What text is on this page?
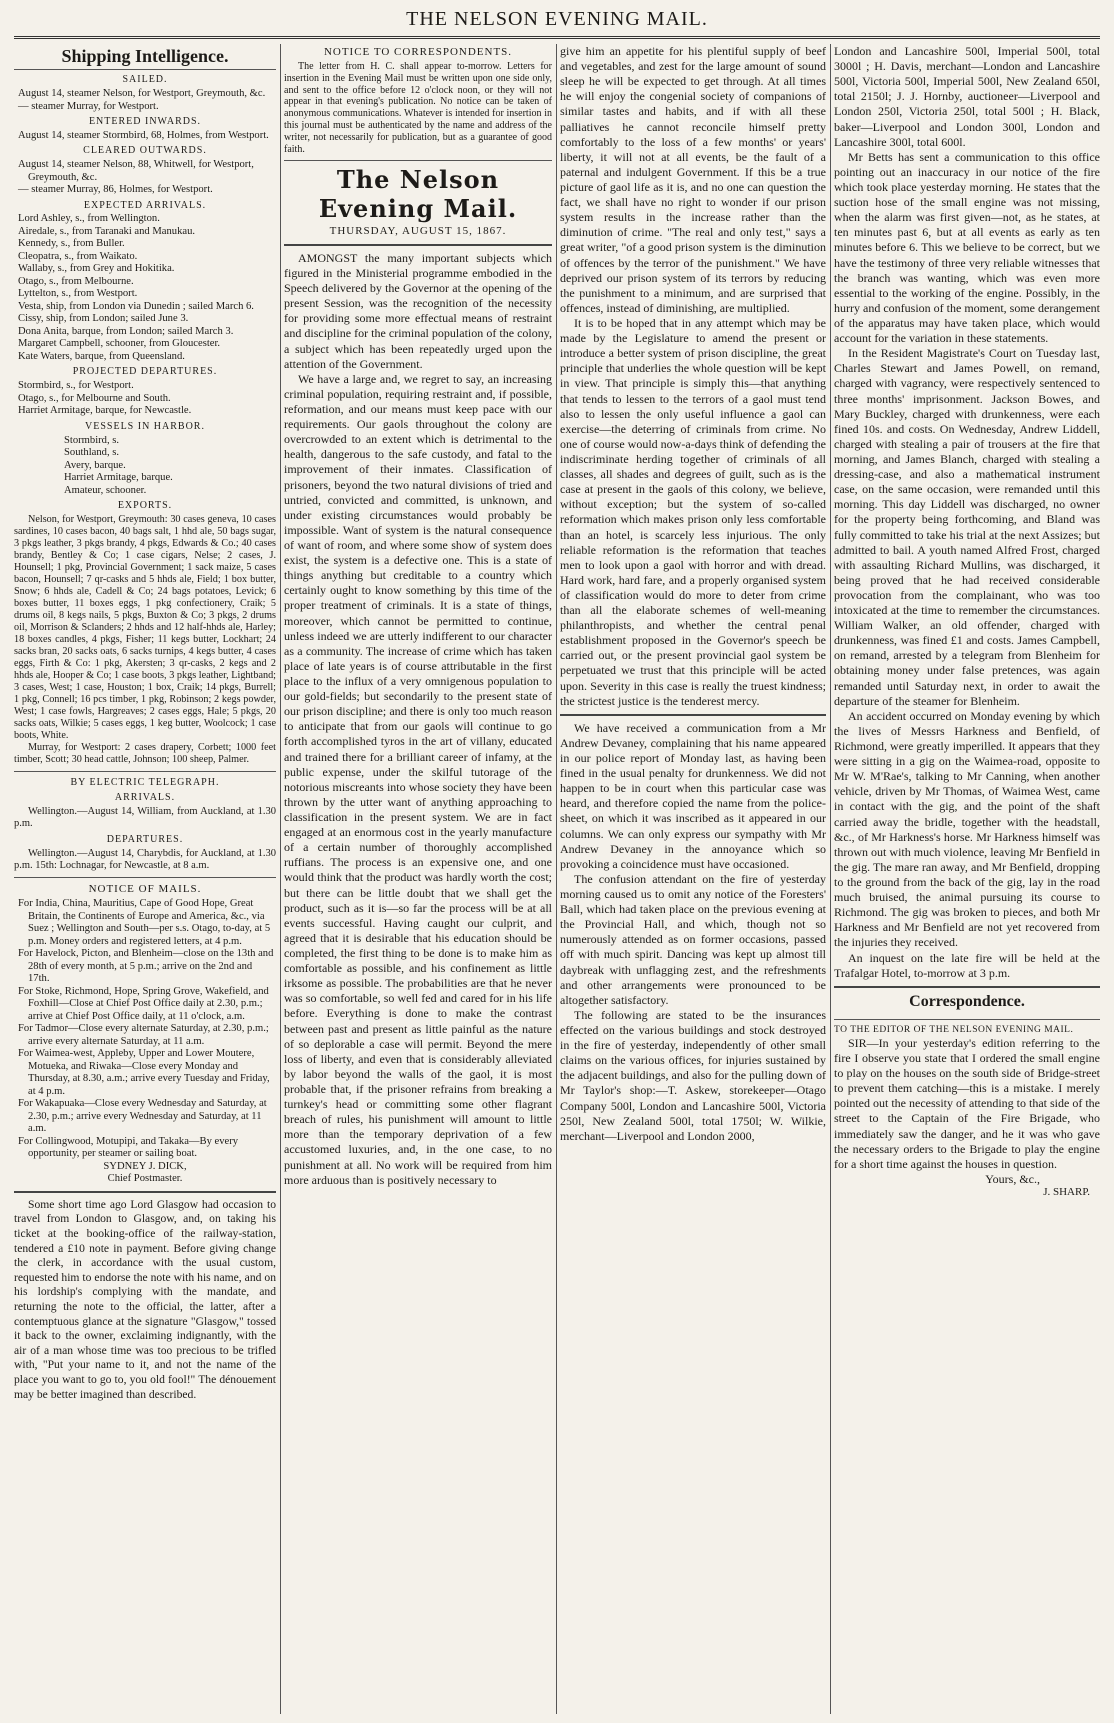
THE NELSON EVENING MAIL.
Shipping Intelligence.
SAILED.

August 14, steamer Nelson, for Westport, Greymouth, &c.

— steamer Murray, for Westport.

ENTERED INWARDS.

August 14, steamer Stormbird, 68, Holmes, from Westport.

CLEARED OUTWARDS.

August 14, steamer Nelson, 88, Whitwell, for Westport, Greymouth, &c.

— steamer Murray, 86, Holmes, for Westport.

EXPECTED ARRIVALS.

Lord Ashley, s., from Wellington.

Airedale, s., from Taranaki and Manukau.

Kennedy, s., from Buller.

Cleopatra, s., from Waikato.

Wallaby, s., from Grey and Hokitika.

Otago, s., from Melbourne.

Lyttelton, s., from Westport.

Vesta, ship, from London via Dunedin ; sailed March 6.

Cissy, ship, from London; sailed June 3.

Dona Anita, barque, from London; sailed March 3.

Margaret Campbell, schooner, from Gloucester.

Kate Waters, barque, from Queensland.

PROJECTED DEPARTURES.

Stormbird, s., for Westport.

Otago, s., for Melbourne and South.

Harriet Armitage, barque, for Newcastle.

VESSELS IN HARBOR.

Stormbird, s.

Southland, s.

Avery, barque.

Harriet Armitage, barque.

Amateur, schooner.

EXPORTS.

Nelson, for Westport, Greymouth: 30 cases geneva, 10 cases sardines, 10 cases bacon, 40 bags salt, 1 hhd ale, 50 bags sugar, 3 pkgs leather, 3 pkgs brandy, 4 pkgs, Edwards & Co.; 40 cases brandy, Bentley & Co; 1 case cigars, Nelse; 2 cases, J. Hounsell; 1 pkg, Provincial Government; 1 sack maize, 5 cases bacon, Hounsell; 7 qr-casks and 5 hhds ale, Field; 1 box butter, Snow; 6 hhds ale, Cadell & Co; 24 bags potatoes, Levick; 6 boxes butter, 11 boxes eggs, 1 pkg confectionery, Craik; 5 drums oil, 8 kegs nails, 5 pkgs, Buxton & Co; 3 pkgs, 2 drums oil, Morrison & Sclanders; 2 hhds and 12 half-hhds ale, Harley; 18 boxes candles, 4 pkgs, Fisher; 11 kegs butter, Lockhart; 24 sacks bran, 20 sacks oats, 6 sacks turnips, 4 kegs butter, 4 cases eggs, Firth & Co: 1 pkg, Akersten; 3 qr-casks, 2 kegs and 2 hhds ale, Hooper & Co; 1 case boots, 3 pkgs leather, Lightband; 3 cases, West; 1 case, Houston; 1 box, Craik; 14 pkgs, Burrell; 1 pkg, Connell; 16 pcs timber, 1 pkg, Robinson; 2 kegs powder, West; 1 case fowls, Hargreaves; 2 cases eggs, Hale; 5 pkgs, 20 sacks oats, Wilkie; 5 cases eggs, 1 keg butter, Woolcock; 1 case boots, White.

Murray, for Westport: 2 cases drapery, Corbett; 1000 feet timber, Scott; 30 head cattle, Johnson; 100 sheep, Palmer.

BY ELECTRIC TELEGRAPH.
ARRIVALS.

Wellington.—August 14, William, from Auckland, at 1.30 p.m.

DEPARTURES.

Wellington.—August 14, Charybdis, for Auckland, at 1.30 p.m. 15th: Lochnagar, for Newcastle, at 8 a.m.

NOTICE OF MAILS.

For India, China, Mauritius, Cape of Good Hope, Great Britain, the Continents of Europe and America, &c., via Suez ; Wellington and South—per s.s. Otago, to-day, at 5 p.m. Money orders and registered letters, at 4 p.m.

For Havelock, Picton, and Blenheim—close on the 13th and 28th of every month, at 5 p.m.; arrive on the 2nd and 17th.

For Stoke, Richmond, Hope, Spring Grove, Wakefield, and Foxhill—Close at Chief Post Office daily at 2.30, p.m.; arrive at Chief Post Office daily, at 11 o'clock, a.m.

For Tadmor—Close every alternate Saturday, at 2.30, p.m.; arrive every alternate Saturday, at 11 a.m.

For Waimea-west, Appleby, Upper and Lower Moutere, Motueka, and Riwaka—Close every Monday and Thursday, at 8.30, a.m.; arrive every Tuesday and Friday, at 4 p.m.

For Wakapuaka—Close every Wednesday and Saturday, at 2.30, p.m.; arrive every Wednesday and Saturday, at 11 a.m.

For Collingwood, Motupipi, and Takaka—By every opportunity, per steamer or sailing boat.

SYDNEY J. DICK,

Chief Postmaster.

Some short time ago Lord Glasgow had occasion to travel from London to Glasgow, and, on taking his ticket at the booking-office of the railway-station, tendered a £10 note in payment. Before giving change the clerk, in accordance with the usual custom, requested him to endorse the note with his name, and on his lordship's complying with the mandate, and returning the note to the official, the latter, after a contemptuous glance at the signature "Glasgow," tossed it back to the owner, exclaiming indignantly, with the air of a man whose time was too precious to be trifled with, "Put your name to it, and not the name of the place you want to go to, you old fool!" The dénouement may be better imagined than described.

NOTICE TO CORRESPONDENTS.

The letter from H. C. shall appear to-morrow. Letters for insertion in the Evening Mail must be written upon one side only, and sent to the office before 12 o'clock noon, or they will not appear in that evening's publication. No notice can be taken of anonymous communications. Whatever is intended for insertion in this journal must be authenticated by the name and address of the writer, not necessarily for publication, but as a guarantee of good faith.

The Nelson Evening Mail.
THURSDAY, AUGUST 15, 1867.

AMONGST the many important subjects which figured in the Ministerial programme embodied in the Speech delivered by the Governor at the opening of the present Session, was the recognition of the necessity for providing some more effectual means of restraint and discipline for the criminal population of the colony, a subject which has been repeatedly urged upon the attention of the Government.

We have a large and, we regret to say, an increasing criminal population, requiring restraint and, if possible, reformation, and our means must keep pace with our requirements. Our gaols throughout the colony are overcrowded to an extent which is detrimental to the health, dangerous to the safe custody, and fatal to the improvement of their inmates. Classification of prisoners, beyond the two natural divisions of tried and untried, convicted and committed, is unknown, and under existing circumstances would probably be impossible. Want of system is the natural consequence of want of room, and where some show of system does exist, the system is a defective one. This is a state of things anything but creditable to a country which certainly ought to know something by this time of the proper treatment of criminals. It is a state of things, moreover, which cannot be permitted to continue, unless indeed we are utterly indifferent to our character as a community. The increase of crime which has taken place of late years is of course attributable in the first place to the influx of a very omnigenous population to our gold-fields; but secondarily to the present state of our prison discipline; and there is only too much reason to anticipate that from our gaols will continue to go forth accomplished tyros in the art of villany, educated and trained there for a brilliant career of infamy, at the public expense, under the skilful tutorage of the notorious miscreants into whose society they have been thrown by the utter want of anything approaching to classification in the present system. We are in fact engaged at an enormous cost in the yearly manufacture of a certain number of thoroughly accomplished ruffians. The process is an expensive one, and one would think that the product was hardly worth the cost; but there can be little doubt that we shall get the product, such as it is—so far the process will be at all events successful. Having caught our culprit, and agreed that it is desirable that his education should be completed, the first thing to be done is to make him as comfortable as possible, and his confinement as little irksome as possible. The probabilities are that he never was so comfortable, so well fed and cared for in his life before. Everything is done to make the contrast between past and present as little painful as the nature of so deplorable a case will permit. Beyond the mere loss of liberty, and even that is considerably alleviated by labor beyond the walls of the gaol, it is most probable that, if the prisoner refrains from breaking a turnkey's head or committing some other flagrant breach of rules, his punishment will amount to little more than the temporary deprivation of a few accustomed luxuries, and, in the one case, to no punishment at all. No work will be required from him more arduous than is positively necessary to

give him an appetite for his plentiful supply of beef and vegetables, and zest for the large amount of sound sleep he will be expected to get through. At all times he will enjoy the congenial society of companions of similar tastes and habits, and if with all these palliatives he cannot reconcile himself pretty comfortably to the loss of a few months' or years' liberty, it will not at all events, be the fault of a paternal and indulgent Government. If this be a true picture of gaol life as it is, and no one can question the fact, we shall have no right to wonder if our prison system results in the increase rather than the diminution of crime. "The real and only test," says a great writer, "of a good prison system is the diminution of offences by the terror of the punishment." We have deprived our prison system of its terrors by reducing the punishment to a minimum, and are surprised that offences, instead of diminishing, are multiplied.

It is to be hoped that in any attempt which may be made by the Legislature to amend the present or introduce a better system of prison discipline, the great principle that underlies the whole question will be kept in view. That principle is simply this—that anything that tends to lessen to the terrors of a gaol must tend also to lessen the only useful influence a gaol can exercise—the deterring of criminals from crime. No one of course would now-a-days think of defending the indiscriminate herding together of criminals of all classes, all shades and degrees of guilt, such as is the case at present in the gaols of this colony, we believe, without exception; but the system of so-called reformation which makes prison only less comfortable than an hotel, is scarcely less injurious. The only reliable reformation is the reformation that teaches men to look upon a gaol with horror and with dread. Hard work, hard fare, and a properly organised system of classification would do more to deter from crime than all the elaborate schemes of well-meaning philanthropists, and whether the central penal establishment proposed in the Governor's speech be carried out, or the present provincial gaol system be perpetuated we trust that this principle will be acted upon. Severity in this case is really the truest kindness; the strictest justice is the tenderest mercy.

We have received a communication from a Mr Andrew Devaney, complaining that his name appeared in our police report of Monday last, as having been fined in the usual penalty for drunkenness. We did not happen to be in court when this particular case was heard, and therefore copied the name from the police-sheet, on which it was inscribed as it appeared in our columns. We can only express our sympathy with Mr Andrew Devaney in the annoyance which so provoking a coincidence must have occasioned.

The confusion attendant on the fire of yesterday morning caused us to omit any notice of the Foresters' Ball, which had taken place on the previous evening at the Provincial Hall, and which, though not so numerously attended as on former occasions, passed off with much spirit. Dancing was kept up almost till daybreak with unflagging zest, and the refreshments and other arrangements were pronounced to be altogether satisfactory.

The following are stated to be the insurances effected on the various buildings and stock destroyed in the fire of yesterday, independently of other small claims on the various offices, for injuries sustained by the adjacent buildings, and also for the pulling down of Mr Taylor's shop:—T. Askew, storekeeper—Otago Company 500l, London and Lancashire 500l, Victoria 250l, New Zealand 500l, total 1750l; W. Wilkie, merchant—Liverpool and London 2000,

London and Lancashire 500l, Imperial 500l, total 3000l ; H. Davis, merchant—London and Lancashire 500l, Victoria 500l, Imperial 500l, New Zealand 650l, total 2150l; J. J. Hornby, auctioneer—Liverpool and London 250l, Victoria 250l, total 500l ; H. Black, baker—Liverpool and London 300l, London and Lancashire 300l, total 600l.

Mr Betts has sent a communication to this office pointing out an inaccuracy in our notice of the fire which took place yesterday morning. He states that the suction hose of the small engine was not missing, when the alarm was first given—not, as he states, at ten minutes past 6, but at all events as early as ten minutes before 6. This we believe to be correct, but we have the testimony of three very reliable witnesses that the branch was wanting, which was even more essential to the working of the engine. Possibly, in the hurry and confusion of the moment, some derangement of the apparatus may have taken place, which would account for the variation in these statements.

In the Resident Magistrate's Court on Tuesday last, Charles Stewart and James Powell, on remand, charged with vagrancy, were respectively sentenced to three months' imprisonment. Jackson Bowes, and Mary Buckley, charged with drunkenness, were each fined 10s. and costs. On Wednesday, Andrew Liddell, charged with stealing a pair of trousers at the fire that morning, and James Blanch, charged with stealing a dressing-case, and also a mathematical instrument case, on the same occasion, were remanded until this morning. This day Liddell was discharged, no owner for the property being forthcoming, and Bland was fully committed to take his trial at the next Assizes; but admitted to bail. A youth named Alfred Frost, charged with assaulting Richard Mullins, was discharged, it being proved that he had received considerable provocation from the complainant, who was too intoxicated at the time to remember the circumstances. William Walker, an old offender, charged with drunkenness, was fined £1 and costs. James Campbell, on remand, arrested by a telegram from Blenheim for obtaining money under false pretences, was again remanded until Saturday next, in order to await the departure of the steamer for Blenheim.

An accident occurred on Monday evening by which the lives of Messrs Harkness and Benfield, of Richmond, were greatly imperilled. It appears that they were sitting in a gig on the Waimea-road, opposite to Mr W. M'Rae's, talking to Mr Canning, when another vehicle, driven by Mr Thomas, of Waimea West, came in contact with the gig, and the point of the shaft carried away the bridle, together with the headstall, &c., of Mr Harkness's horse. Mr Harkness himself was thrown out with much violence, leaving Mr Benfield in the gig. The mare ran away, and Mr Benfield, dropping to the ground from the back of the gig, lay in the road much bruised, the animal pursuing its course to Richmond. The gig was broken to pieces, and both Mr Harkness and Mr Benfield are not yet recovered from the injuries they received.

An inquest on the late fire will be held at the Trafalgar Hotel, to-morrow at 3 p.m.

Correspondence.

TO THE EDITOR OF THE NELSON EVENING MAIL.

SIR—In your yesterday's edition referring to the fire I observe you state that I ordered the small engine to play on the houses on the south side of Bridge-street to prevent them catching—this is a mistake. I merely pointed out the necessity of attending to that side of the street to the Captain of the Fire Brigade, who immediately saw the danger, and he it was who gave the necessary orders to the Brigade to play the engine for a short time against the houses in question.

Yours, &c.,

J. SHARP.
